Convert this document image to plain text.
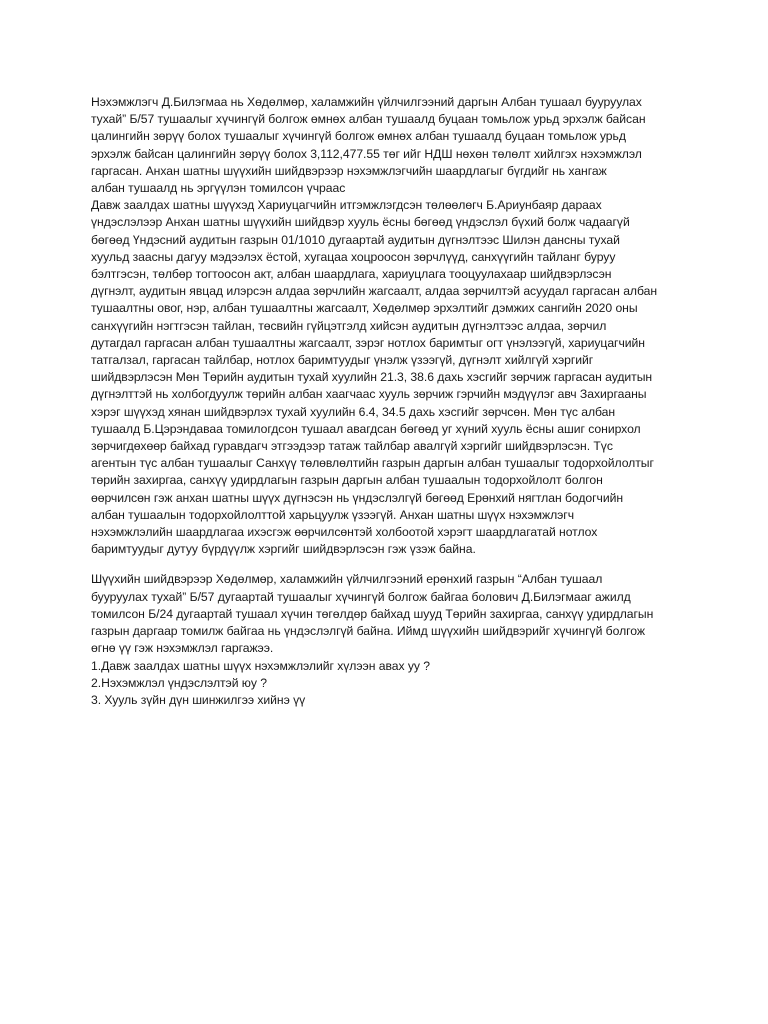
Нэхэмжлэгч Д.Билэгмаа нь Хөдөлмөр, халамжийн үйлчилгээний даргын Албан тушаал бууруулах
тухай” Б/57 тушаалыг хүчингүй болгож өмнөх албан тушаалд буцаан томьлож урьд эрхэлж байсан
цалингийн зөрүү болох тушаалыг хүчингүй болгож өмнөх албан тушаалд буцаан томьлож урьд
эрхэлж байсан цалингийн зөрүү болох 3,112,477.55 төг ийг НДШ нөхөн төлөлт хийлгэх нэхэмжлэл
гаргасан. Анхан шатны шүүхийн шийдвэрээр нэхэмжлэгчийн шаардлагыг бүгдийг нь хангаж
албан тушаалд нь эргүүлэн томилсон үчраас

Давж заалдах шатны шүүхэд Хариуцагчийн итгэмжлэгдсэн төлөөлөгч Б.Ариунбаяр дараах
үндэслэлээр Анхан шатны шүүхийн шийдвэр хууль ёсны бөгөөд үндэслэл бүхий болж чадаагүй
бөгөөд Үндэсний аудитын газрын 01/1010 дугаартай аудитын дүгнэлтээс Шилэн дансны тухай
хуульд заасны дагуу мэдээлэх ёстой, хугацаа хоцроосон зөрчлүүд, санхүүгийн тайланг буруу
бэлтгэсэн, төлбөр тогтоосон акт, албан шаардлага, хариуцлага тооцуулахаар шийдвэрлэсэн
дүгнэлт, аудитын явцад илэрсэн алдаа зөрчлийн жагсаалт, алдаа зөрчилтэй асуудал гаргасан албан
тушаалтны овог, нэр, албан тушаалтны жагсаалт, Хөдөлмөр эрхэлтийг дэмжих сангийн 2020 оны
санхүүгийн нэгтгэсэн тайлан, төсвийн гүйцэтгэлд хийсэн аудитын дүгнэлтээс алдаа, зөрчил
дутагдал гаргасан албан тушаалтны жагсаалт, зэрэг нотлох баримтыг огт үнэлээгүй, хариуцагчийн
татгалзал, гаргасан тайлбар, нотлох баримтуудыг үнэлж үзээгүй, дүгнэлт хийлгүй хэргийг
шийдвэрлэсэн Мөн Төрийн аудитын тухай хуулийн 21.3, 38.6 дахь хэсгийг зөрчиж гаргасан аудитын
дүгнэлттэй нь холбогдуулж төрийн албан хаагчаас хууль зөрчиж гэрчийн мэдүүлэг авч Захиргааны
хэрэг шүүхэд хянан шийдвэрлэх тухай хуулийн 6.4, 34.5 дахь хэсгийг зөрчсөн. Мөн түс албан
тушаалд Б.Цэрэндаваа томилогдсон тушаал авагдсан бөгөөд уг хүний хууль ёсны ашиг сонирхол
зөрчигдөхөөр байхад гуравдагч этгээдээр татаж тайлбар авалгүй хэргийг шийдвэрлэсэн. Түс
агентын түс албан тушаалыг Санхүү төлөвлөлтийн газрын даргын албан тушаалыг тодорхойлолтыг
төрийн захиргаа, санхүү удирдлагын газрын даргын албан тушаалын тодорхойлолт болгон
өөрчилсөн гэж анхан шатны шүүх дүгнэсэн нь үндэслэлгүй бөгөөд Ерөнхий нягтлан бодогчийн
албан тушаалын тодорхойлолттой харьцуулж үзээгүй. Анхан шатны шүүх нэхэмжлэгч
нэхэмжлэлийн шаардлагаа ихэсгэж өөрчилсөнтэй холбоотой хэрэгт шаардлагатай нотлох
баримтуудыг дутуу бүрдүүлж хэргийг шийдвэрлэсэн гэж үзэж байна.

Шүүхийн шийдвэрээр Хөдөлмөр, халамжийн үйлчилгээний ерөнхий газрын “Албан тушаал
бууруулах тухай” Б/57 дугаартай тушаалыг хүчингүй болгож байгаа болович Д.Билэгмааг ажилд
томилсон Б/24 дугаартай тушаал хүчин төгөлдөр байхад шууд Төрийн захиргаа, санхүү удирдлагын
газрын даргаар томилж байгаа нь үндэслэлгүй байна. Иймд шүүхийн шийдвэрийг хүчингүй болгож
өгнө үү гэж нэхэмжлэл гаргажээ.

1.Давж заалдах шатны шүүх нэхэмжлэлийг хүлээн авах уу ?

2.Нэхэмжлэл үндэслэлтэй юу ?

3. Хууль зүйн дүн шинжилгээ хийнэ үү
